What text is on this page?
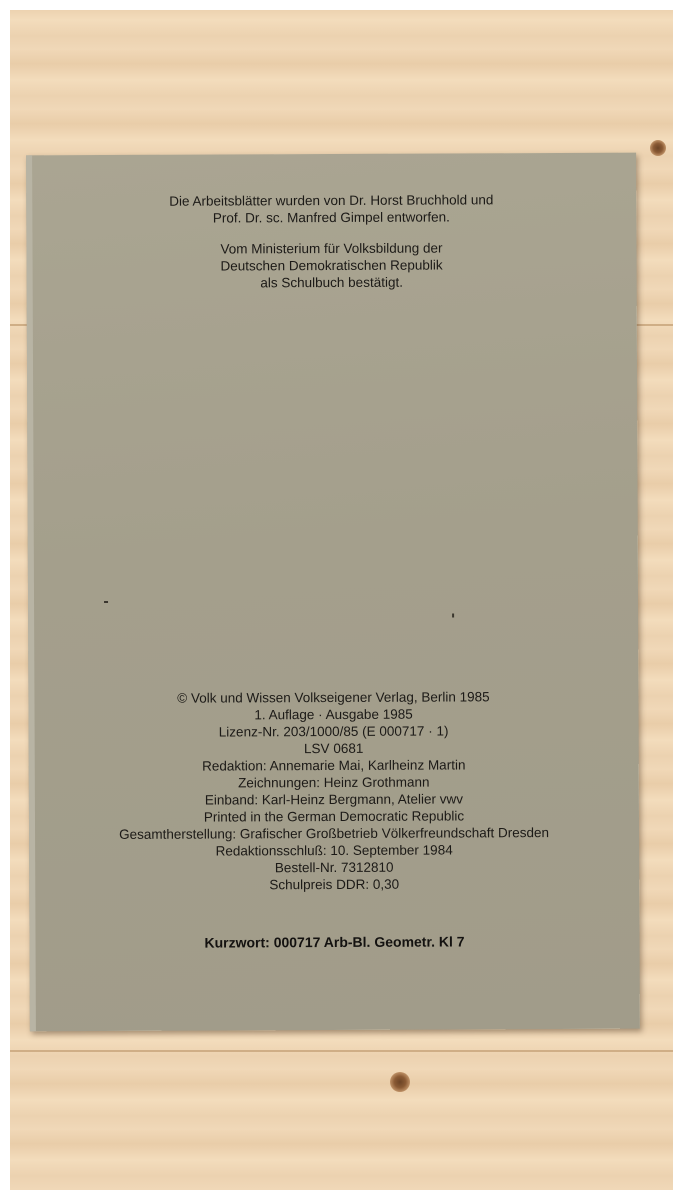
Die Arbeitsblätter wurden von Dr. Horst Bruchhold und

Prof. Dr. sc. Manfred Gimpel entworfen.

Vom Ministerium für Volksbildung der

Deutschen Demokratischen Republik

als Schulbuch bestätigt.

© Volk und Wissen Volkseigener Verlag, Berlin 1985

1. Auflage · Ausgabe 1985

Lizenz-Nr. 203/1000/85 (E 000717 · 1)

LSV 0681

Redaktion: Annemarie Mai, Karlheinz Martin

Zeichnungen: Heinz Grothmann

Einband: Karl-Heinz Bergmann, Atelier vwv

Printed in the German Democratic Republic

Gesamtherstellung: Grafischer Großbetrieb Völkerfreundschaft Dresden

Redaktionsschluß: 10. September 1984

Bestell-Nr. 7312810

Schulpreis DDR: 0,30

Kurzwort: 000717 Arb-Bl. Geometr. Kl 7
